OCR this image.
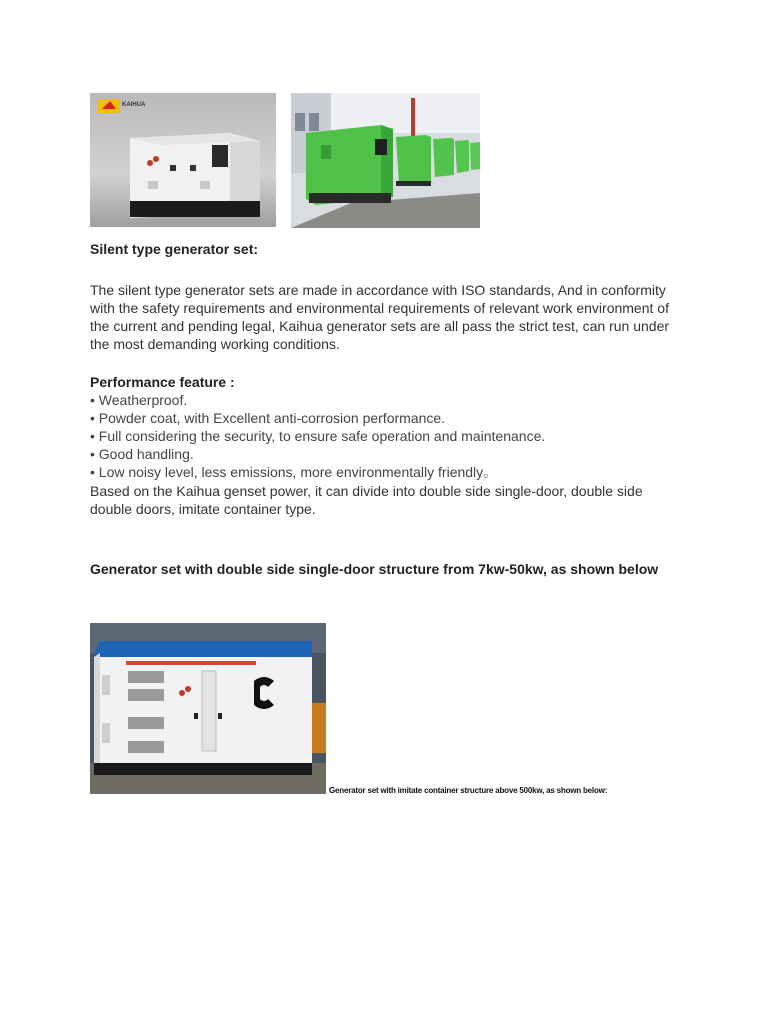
KAIHUA
Silent type generator set:
The silent type generator sets are made in accordance with ISO standards, And in conformity with the safety requirements and environmental requirements of relevant work environment of the current and pending legal, Kaihua generator sets are all pass the strict test, can run under the most demanding working conditions.
Performance feature :
• Weatherproof.
• Powder coat, with Excellent anti-corrosion performance.
• Full considering the security, to ensure safe operation and maintenance.
• Good handling.
• Low noisy level, less emissions, more environmentally friendly。
Based on the Kaihua genset power, it can divide into double side single-door, double side double doors, imitate container type.
Generator set with double side single-door structure from 7kw-50kw, as shown below
Generator set with imitate container structure above 500kw, as shown below:
